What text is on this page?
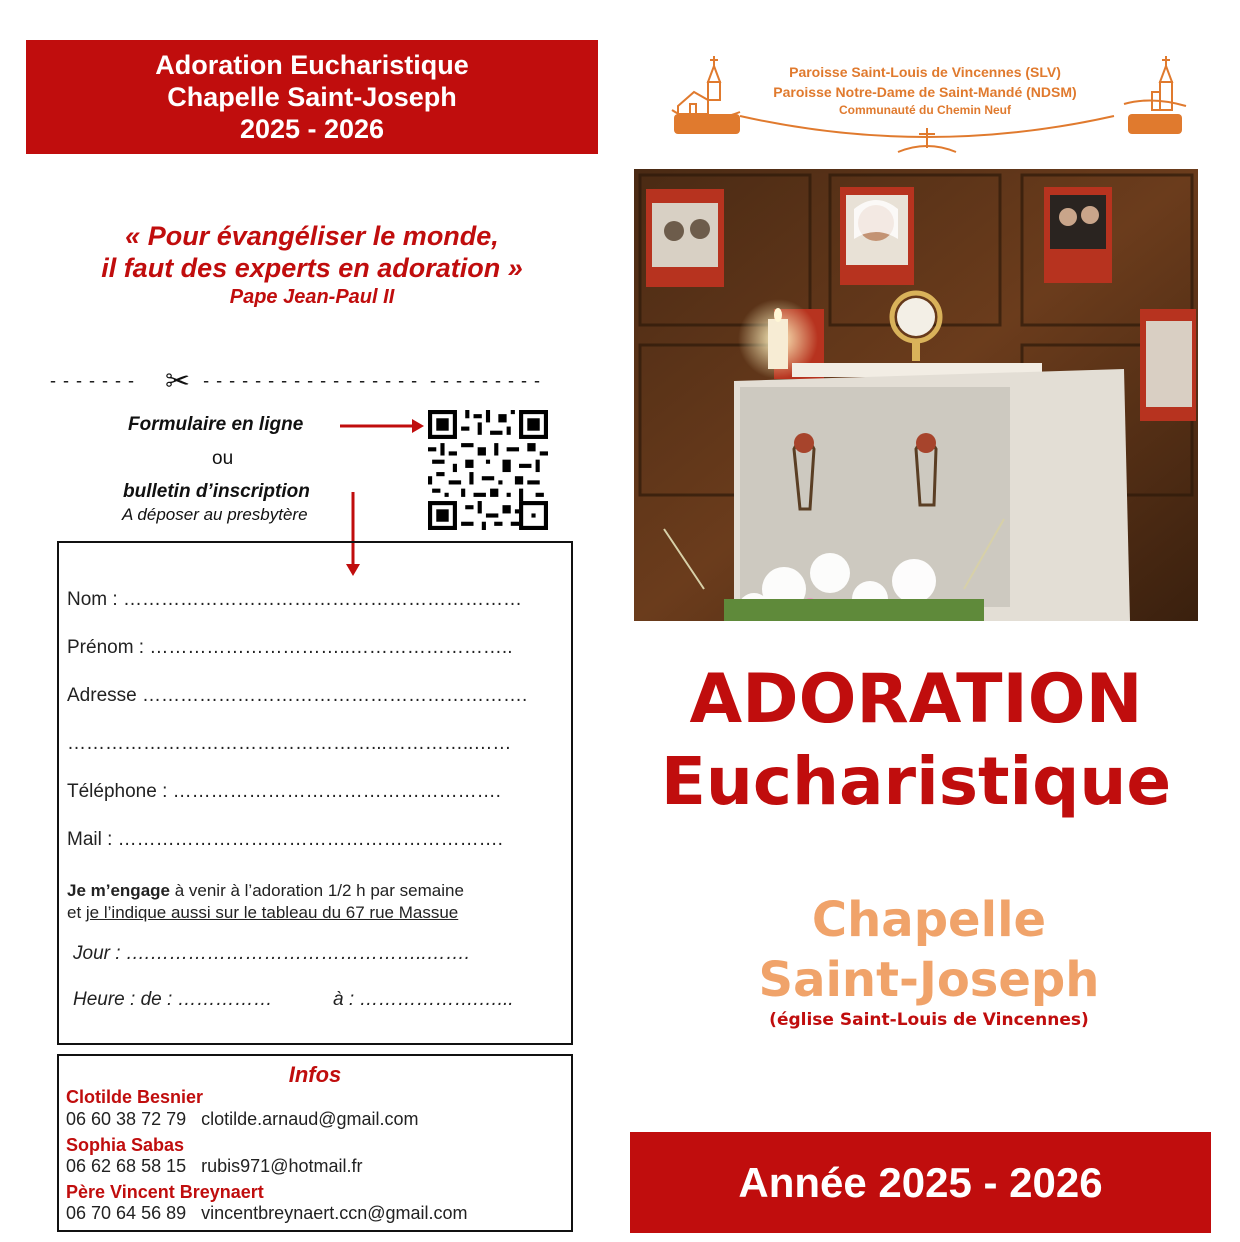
Adoration Eucharistique
Chapelle Saint-Joseph
2025 - 2026
« Pour évangéliser le monde,
il faut des experts en adoration »
Pape Jean-Paul II
- - - - - - - ✂ - - - - - - - - - - - - - - - - -  - - - - - - - - -
Formulaire en ligne
ou
bulletin d’inscription
A déposer au presbytère
Nom : ………………………………………………………
Prénom : …………………………..……………………..
Adresse …………………………………………………….
…………………………………………...…………..……
Téléphone : …………………………………………….
Mail : …………………………………………………….
Je m’engage à venir à l’adoration 1/2 h par semaine
et je l’indique aussi sur le tableau du 67 rue Massue
Jour : ….……………………………………..…….
Heure : de : ……………	à : ……………….…...
Infos
Clotilde Besnier
06 60 38 72 79 clotilde.arnaud@gmail.com
Sophia Sabas
06 62 68 58 15 rubis971@hotmail.fr
Père Vincent Breynaert
06 70 64 56 89 vincentbreynaert.ccn@gmail.com
Paroisse Saint-Louis de Vincennes (SLV)
Paroisse Notre-Dame de Saint-Mandé (NDSM)
Communauté du Chemin Neuf
ADORATION
Eucharistique
Chapelle
Saint-Joseph
(église Saint-Louis de Vincennes)
Année 2025 - 2026
